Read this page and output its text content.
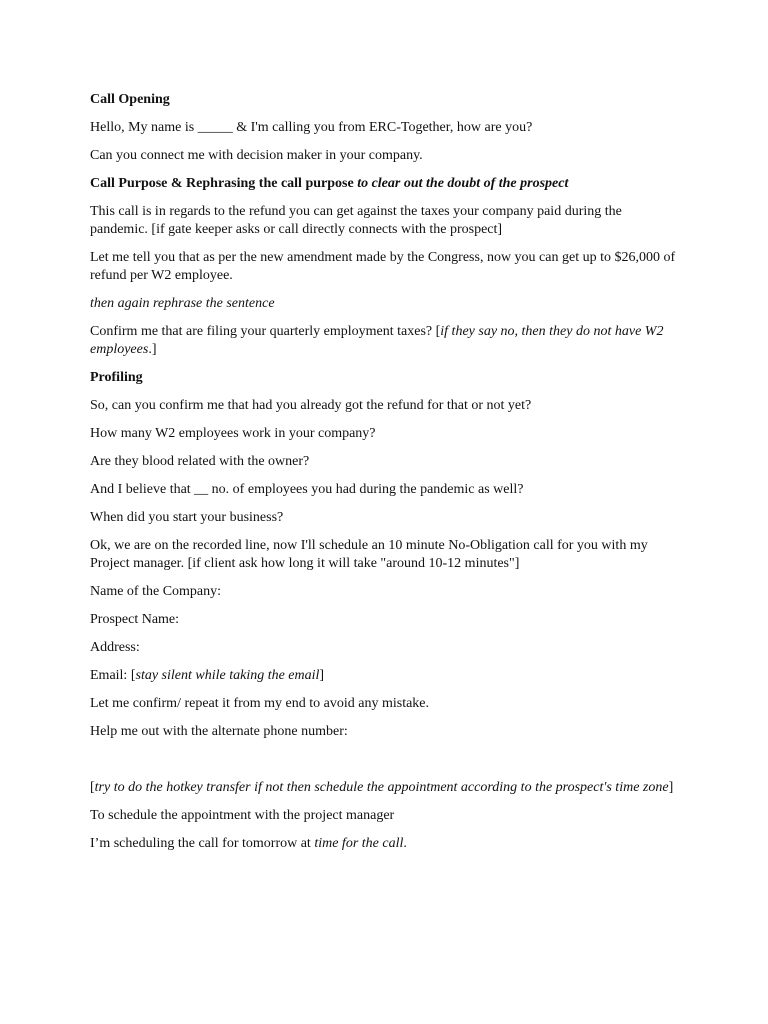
Call Opening

Hello, My name is _____ & I'm calling you from ERC-Together, how are you?

Can you connect me with decision maker in your company.

Call Purpose & Rephrasing the call purpose to clear out the doubt of the prospect

This call is in regards to the refund you can get against the taxes your company paid during the pandemic. [if gate keeper asks or call directly connects with the prospect]

Let me tell you that as per the new amendment made by the Congress, now you can get up to $26,000 of refund per W2 employee.

then again rephrase the sentence

Confirm me that are filing your quarterly employment taxes? [if they say no, then they do not have W2 employees.]

Profiling

So, can you confirm me that had you already got the refund for that or not yet?

How many W2 employees work in your company?

Are they blood related with the owner?

And I believe that __ no. of employees you had during the pandemic as well?

When did you start your business?

Ok, we are on the recorded line, now I'll schedule an 10 minute No-Obligation call for you with my Project manager. [if client ask how long it will take "around 10-12 minutes"]

Name of the Company:

Prospect Name:

Address:

Email: [stay silent while taking the email]

Let me confirm/ repeat it from my end to avoid any mistake.

Help me out with the alternate phone number:

[try to do the hotkey transfer if not then schedule the appointment according to the prospect's time zone]

To schedule the appointment with the project manager

I’m scheduling the call for tomorrow at time for the call.
